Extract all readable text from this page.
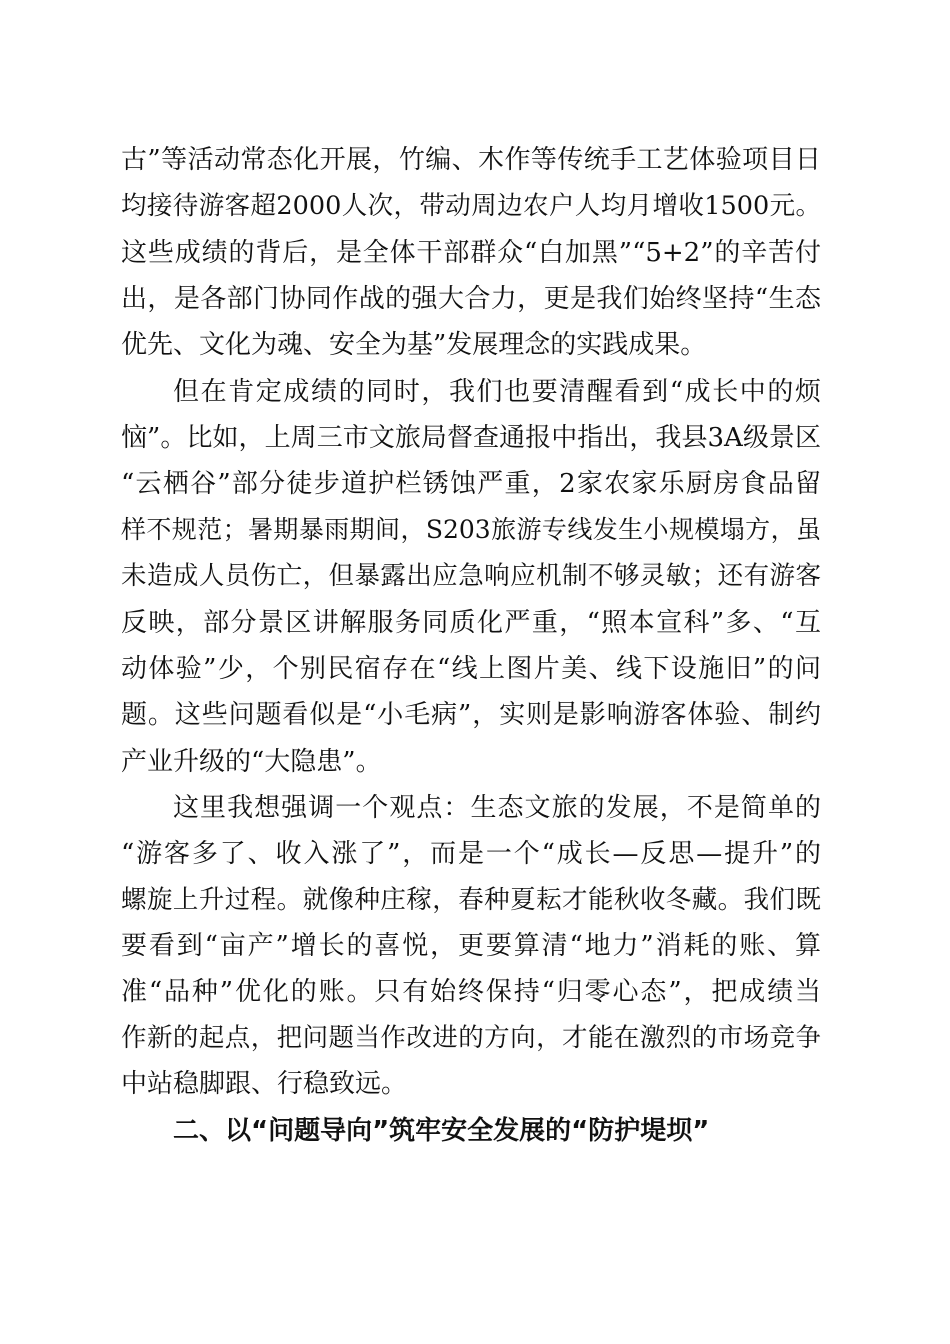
古”等活动常态化开展，竹编、木作等传统手工艺体验项目日
均接待游客超2000人次，带动周边农户人均月增收1500元。
这些成绩的背后，是全体干部群众“白加黑”“5+2”的辛苦付
出，是各部门协同作战的强大合力，更是我们始终坚持“生态
优先、文化为魂、安全为基”发展理念的实践成果。
但在肯定成绩的同时，我们也要清醒看到“成长中的烦
恼”。比如，上周三市文旅局督查通报中指出，我县3A级景区
“云栖谷”部分徒步道护栏锈蚀严重，2家农家乐厨房食品留
样不规范；暑期暴雨期间，S203旅游专线发生小规模塌方，虽
未造成人员伤亡，但暴露出应急响应机制不够灵敏；还有游客
反映，部分景区讲解服务同质化严重，“照本宣科”多、“互
动体验”少，个别民宿存在“线上图片美、线下设施旧”的问
题。这些问题看似是“小毛病”，实则是影响游客体验、制约
产业升级的“大隐患”。
这里我想强调一个观点：生态文旅的发展，不是简单的
“游客多了、收入涨了”，而是一个“成长—反思—提升”的
螺旋上升过程。就像种庄稼，春种夏耘才能秋收冬藏。我们既
要看到“亩产”增长的喜悦，更要算清“地力”消耗的账、算
准“品种”优化的账。只有始终保持“归零心态”，把成绩当
作新的起点，把问题当作改进的方向，才能在激烈的市场竞争
中站稳脚跟、行稳致远。
二、以“问题导向”筑牢安全发展的“防护堤坝”
